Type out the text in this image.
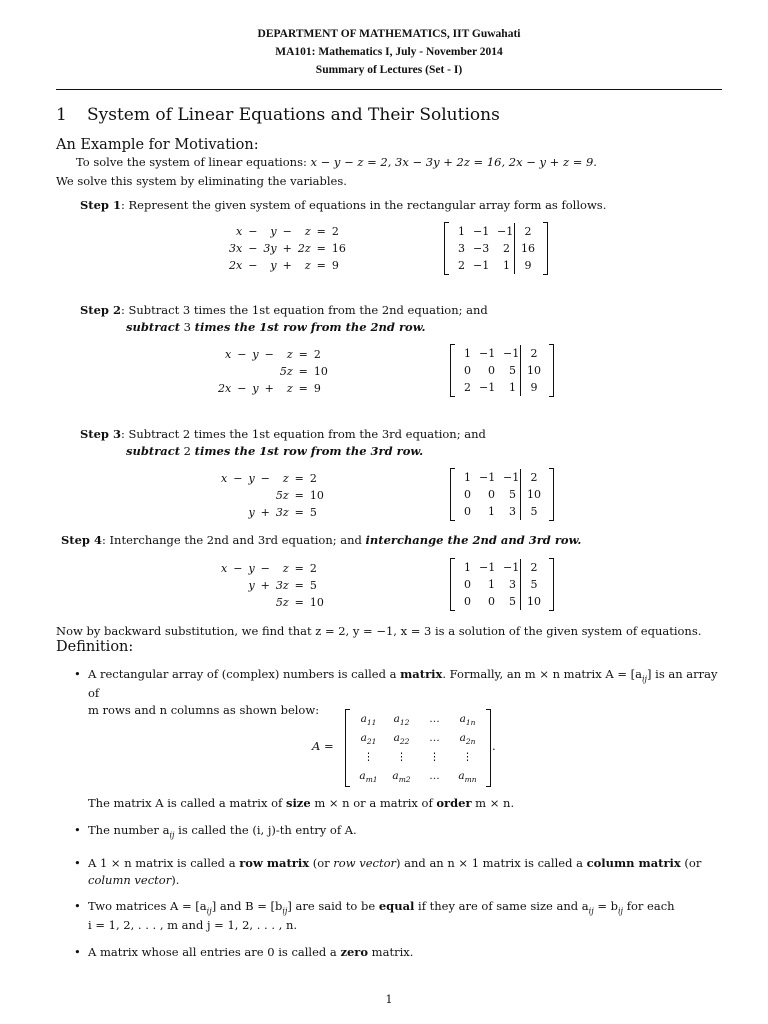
DEPARTMENT OF MATHEMATICS, IIT Guwahati
MA101: Mathematics I, July - November 2014
Summary of Lectures (Set - I)
1 System of Linear Equations and Their Solutions
An Example for Motivation:
To solve the system of linear equations: x − y − z = 2, 3x − 3y + 2z = 16, 2x − y + z = 9.
We solve this system by eliminating the variables.
Step 1: Represent the given system of equations in the rectangular array form as follows.
x	−	y	−	z	=	2
3x	−	3y	+	2z	=	16
2x	−	y	+	z	=	9
1 −1 −1	2
3 −3	2	16
2 −1	1	9
Step 2: Subtract 3 times the 1st equation from the 2nd equation; and
subtract 3 times the 1st row from the 2nd row.
x	−	y	−	z	=	2
				5z	=	10
2x	−	y	+	z	=	9
1 −1 −1	2
0	0	5	10
2 −1	1	9
Step 3: Subtract 2 times the 1st equation from the 3rd equation; and
subtract 2 times the 1st row from the 3rd row.
x	−	y	−	z	=	2
				5z	=	10
		y	+	3z	=	5
1 −1 −1	2
0	0	5	10
0	1	3	5
Step 4: Interchange the 2nd and 3rd equation; and interchange the 2nd and 3rd row.
x	−	y	−	z	=	2
		y	+	3z	=	5
				5z	=	10
1 −1 −1	2
0	1	3	5
0	0	5	10
Now by backward substitution, we find that z = 2, y = −1, x = 3 is a solution of the given system of equations.
Definition:
• A rectangular array of (complex) numbers is called a matrix. Formally, an m × n matrix $A = [a_{ij}]$ is an array of
m rows and n columns as shown below:
A =
$a_{11}$	$a_{12}$	…	$a_{1n}$
$a_{21}$	$a_{22}$	…	$a_{2n}$
⋮	⋮	⋮	⋮
$a_{m1}$	$a_{m2}$	…	$a_{mn}$
.
The matrix A is called a matrix of size m × n or a matrix of order m × n.
• The number $a_{ij}$ is called the (i, j)-th entry of A.
• A 1 × n matrix is called a row matrix (or row vector) and an n × 1 matrix is called a column matrix (or
column vector).
• Two matrices $A = [a_{ij}]$ and $B = [b_{ij}]$ are said to be equal if they are of same size and $a_{ij} = b_{ij}$ for each
i = 1, 2, . . . , m and j = 1, 2, . . . , n.
• A matrix whose all entries are 0 is called a zero matrix.
1
